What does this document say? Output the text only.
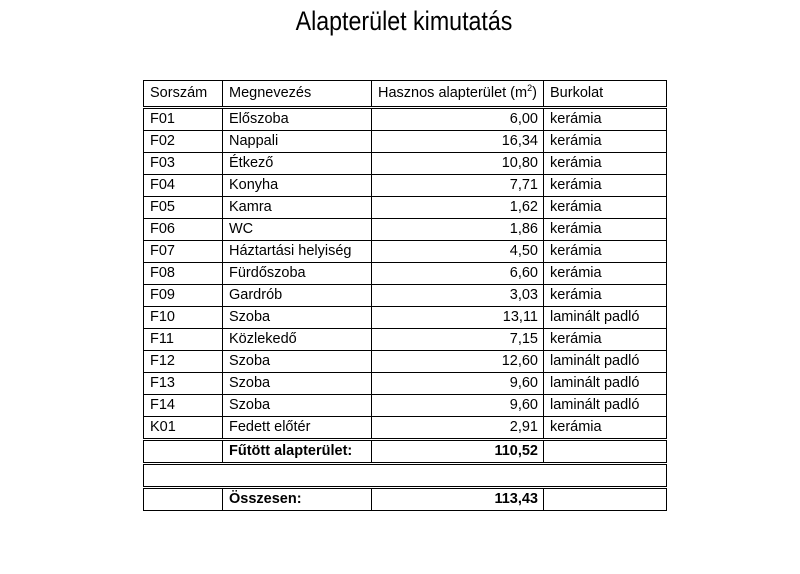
Alapterület kimutatás
Sorszám	Megnevezés	Hasznos alapterület $(m^2)$	Burkolat
F01	Előszoba	6,00	kerámia
F02	Nappali	16,34	kerámia
F03	Étkező	10,80	kerámia
F04	Konyha	7,71	kerámia
F05	Kamra	1,62	kerámia
F06	WC	1,86	kerámia
F07	Háztartási helyiség	4,50	kerámia
F08	Fürdőszoba	6,60	kerámia
F09	Gardrób	3,03	kerámia
F10	Szoba	13,11	laminált padló
F11	Közlekedő	7,15	kerámia
F12	Szoba	12,60	laminált padló
F13	Szoba	9,60	laminált padló
F14	Szoba	9,60	laminált padló
K01	Fedett előtér	2,91	kerámia
	Fűtött alapterület:	110,52	

	Összesen:	113,43	
